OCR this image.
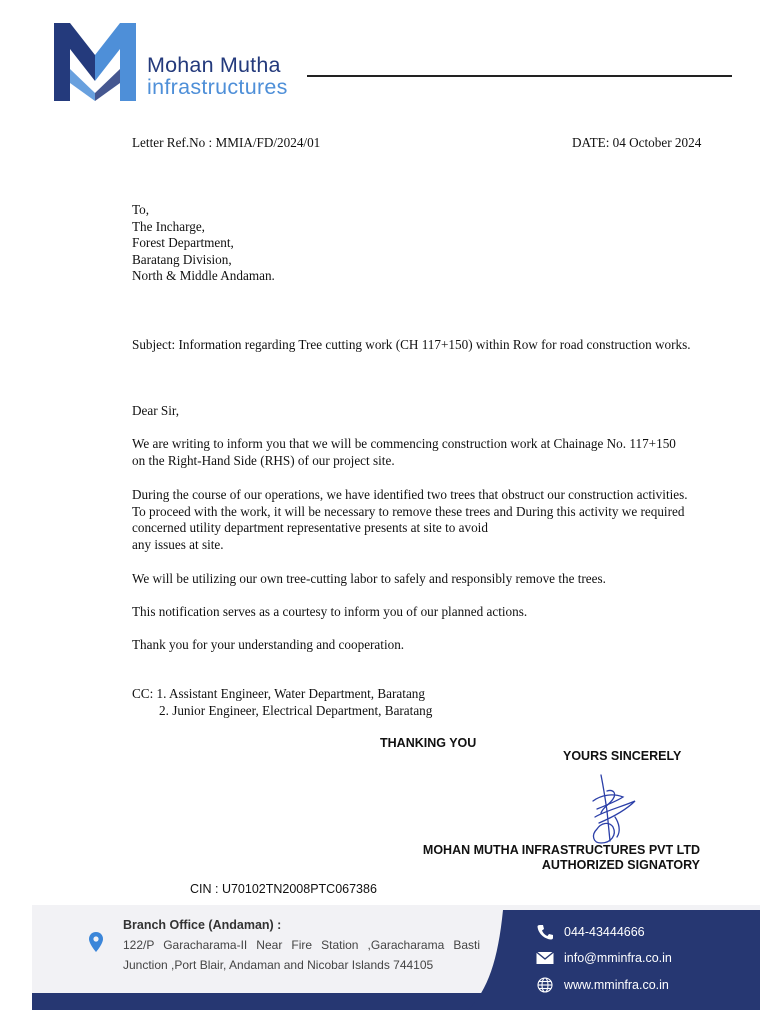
Mohan Mutha
infrastructures
Letter Ref.No : MMIA/FD/2024/01	DATE: 04 October 2024
To,
The Incharge,
Forest Department,
Baratang Division,
North & Middle Andaman.
Subject: Information regarding Tree cutting work (CH 117+150) within Row for road construction works.
Dear Sir,
We are writing to inform you that we will be commencing construction work at Chainage No. 117+150
on the Right-Hand Side (RHS) of our project site.
During the course of our operations, we have identified two trees that obstruct our construction activities.
To proceed with the work, it will be necessary to remove these trees and During this activity we required
concerned utility department representative presents at site to avoid
any issues at site.
We will be utilizing our own tree-cutting labor to safely and responsibly remove the trees.
This notification serves as a courtesy to inform you of our planned actions.
Thank you for your understanding and cooperation.
CC: 1. Assistant Engineer, Water Department, Baratang
2. Junior Engineer, Electrical Department, Baratang
THANKING YOU
YOURS SINCERELY
MOHAN MUTHA INFRASTRUCTURES PVT LTD
AUTHORIZED SIGNATORY
CIN : U70102TN2008PTC067386
Branch Office (Andaman) :
122/P Garacharama-II Near Fire Station ,Garacharama Basti
Junction ,Port Blair, Andaman and Nicobar Islands 744105
044-43444666
info@mminfra.co.in
www.mminfra.co.in
